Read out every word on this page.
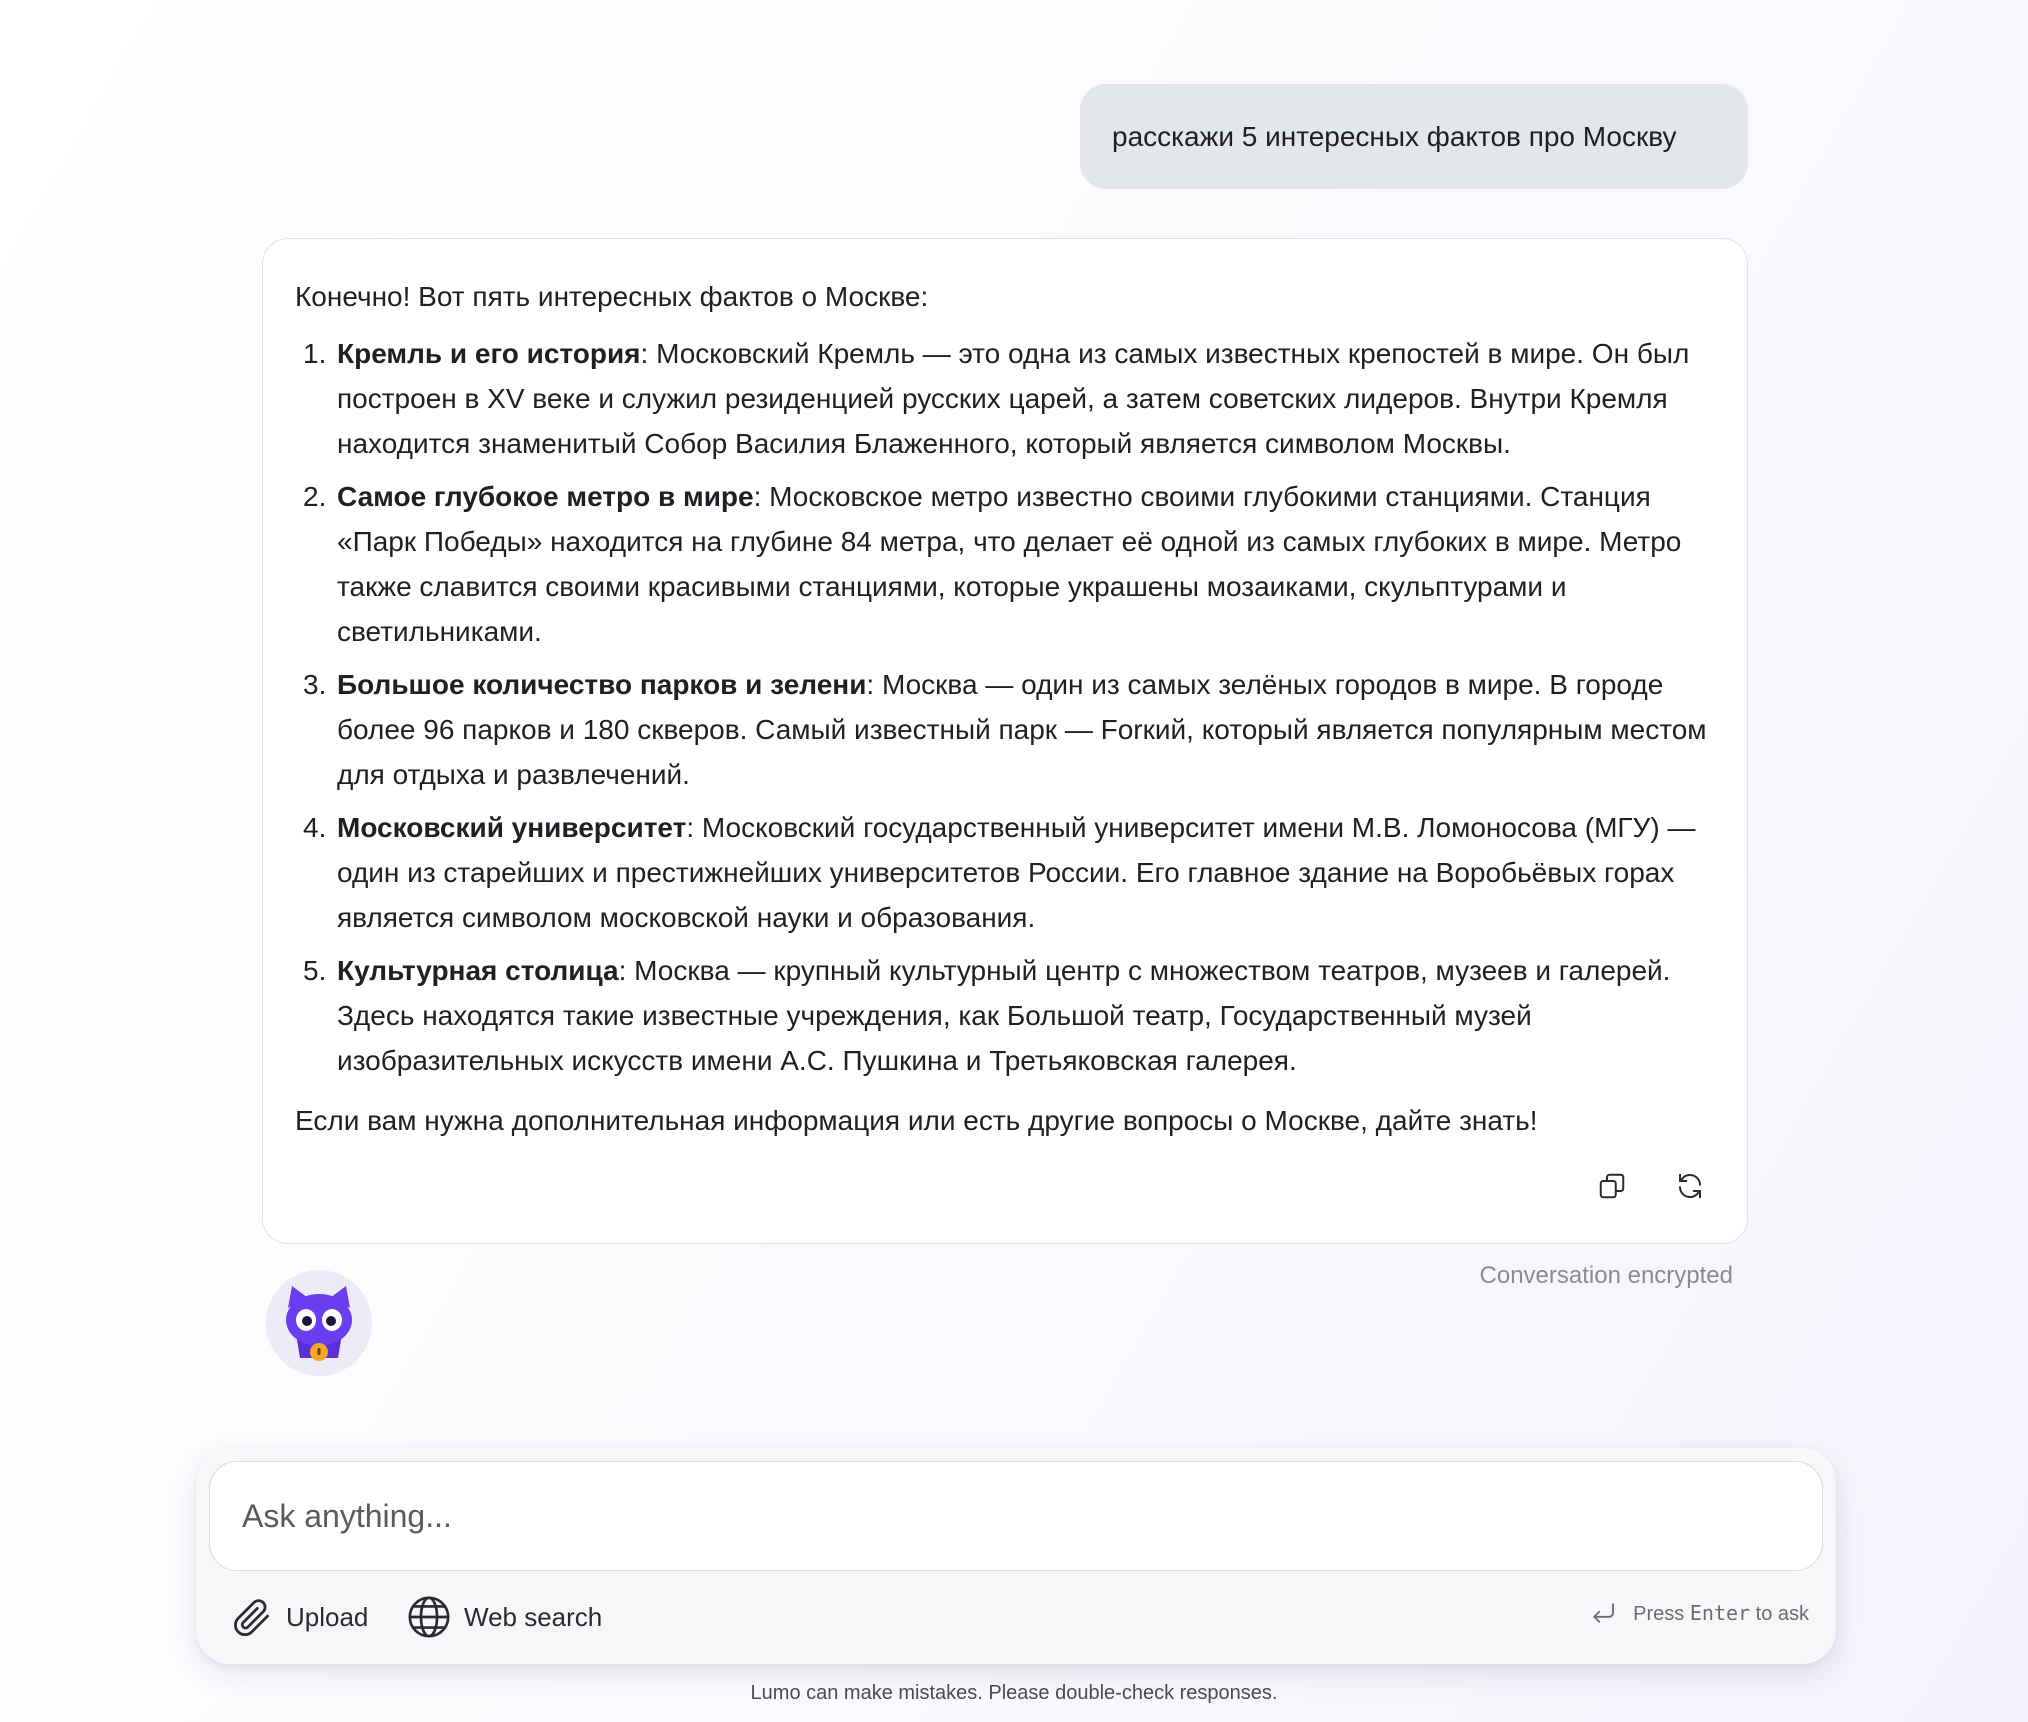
расскажи 5 интересных фактов про Москву

Конечно! Вот пять интересных фактов о Москве:

1. Кремль и его история: Московский Кремль — это одна из самых известных крепостей в мире. Он был построен в XV веке и служил резиденцией русских царей, а затем советских лидеров. Внутри Кремля находится знаменитый Собор Василия Блаженного, который является символом Москвы.
2. Самое глубокое метро в мире: Московское метро известно своими глубокими станциями. Станция «Парк Победы» находится на глубине 84 метра, что делает её одной из самых глубоких в мире. Метро также славится своими красивыми станциями, которые украшены мозаиками, скульптурами и светильниками.
3. Большое количество парков и зелени: Москва — один из самых зелёных городов в мире. В городе более 96 парков и 180 скверов. Самый известный парк — Forкий, который является популярным местом для отдыха и развлечений.
4. Московский университет: Московский государственный университет имени М.В. Ломоносова (МГУ) — один из старейших и престижнейших университетов России. Его главное здание на Воробьёвых горах является символом московской науки и образования.
5. Культурная столица: Москва — крупный культурный центр с множеством театров, музеев и галерей. Здесь находятся такие известные учреждения, как Большой театр, Государственный музей изобразительных искусств имени А.С. Пушкина и Третьяковская галерея.

Если вам нужна дополнительная информация или есть другие вопросы о Москве, дайте знать!

Conversation encrypted
Ask anything...
Upload	Web search	Press Enter to ask
Lumo can make mistakes. Please double-check responses.
